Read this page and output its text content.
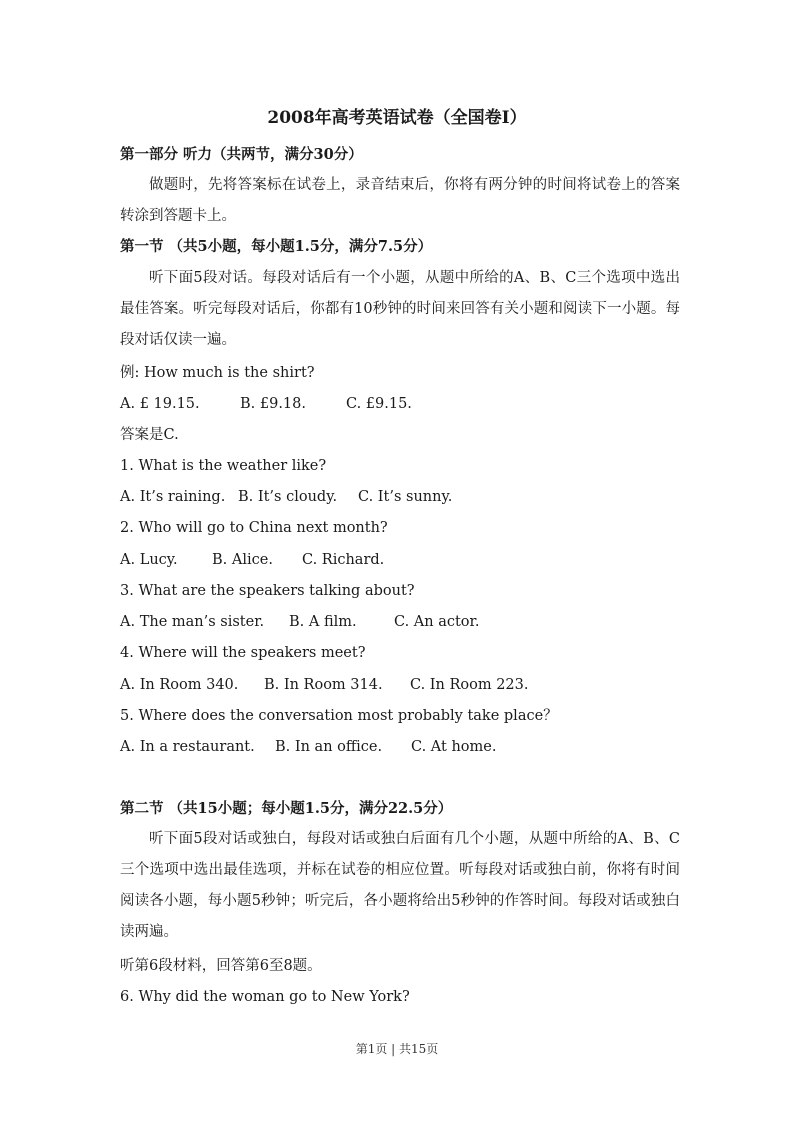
2008年高考英语试卷（全国卷I）

第一部分 听力（共两节，满分30分）

做题时，先将答案标在试卷上，录音结束后，你将有两分钟的时间将试卷上的答案转涂到答题卡上。

第一节 （共5小题，每小题1.5分，满分7.5分）

听下面5段对话。每段对话后有一个小题，从题中所给的A、B、C三个选项中选出最佳答案。听完每段对话后，你都有10秒钟的时间来回答有关小题和阅读下一小题。每段对话仅读一遍。

例: How much is the shirt?

A. £ 19.15.	B. £9.18.	C. £9.15.

答案是C.

1. What is the weather like?

A. It’s raining. B. It’s cloudy. C. It’s sunny.

2. Who will go to China next month?

A. Lucy. B. Alice. C. Richard.

3. What are the speakers talking about?

A. The man’s sister. B. A film.	C. An actor.

4. Where will the speakers meet?

A. In Room 340. B. In Room 314. C. In Room 223.

5. Where does the conversation most probably take place？

A. In a restaurant. B. In an office. C. At home.

第二节 （共15小题；每小题1.5分，满分22.5分）

听下面5段对话或独白，每段对话或独白后面有几个小题，从题中所给的A、B、C三个选项中选出最佳选项，并标在试卷的相应位置。听每段对话或独白前，你将有时间阅读各小题，每小题5秒钟；听完后，各小题将给出5秒钟的作答时间。每段对话或独白读两遍。

听第6段材料，回答第6至8题。

6. Why did the woman go to New York?

第1页 | 共15页
